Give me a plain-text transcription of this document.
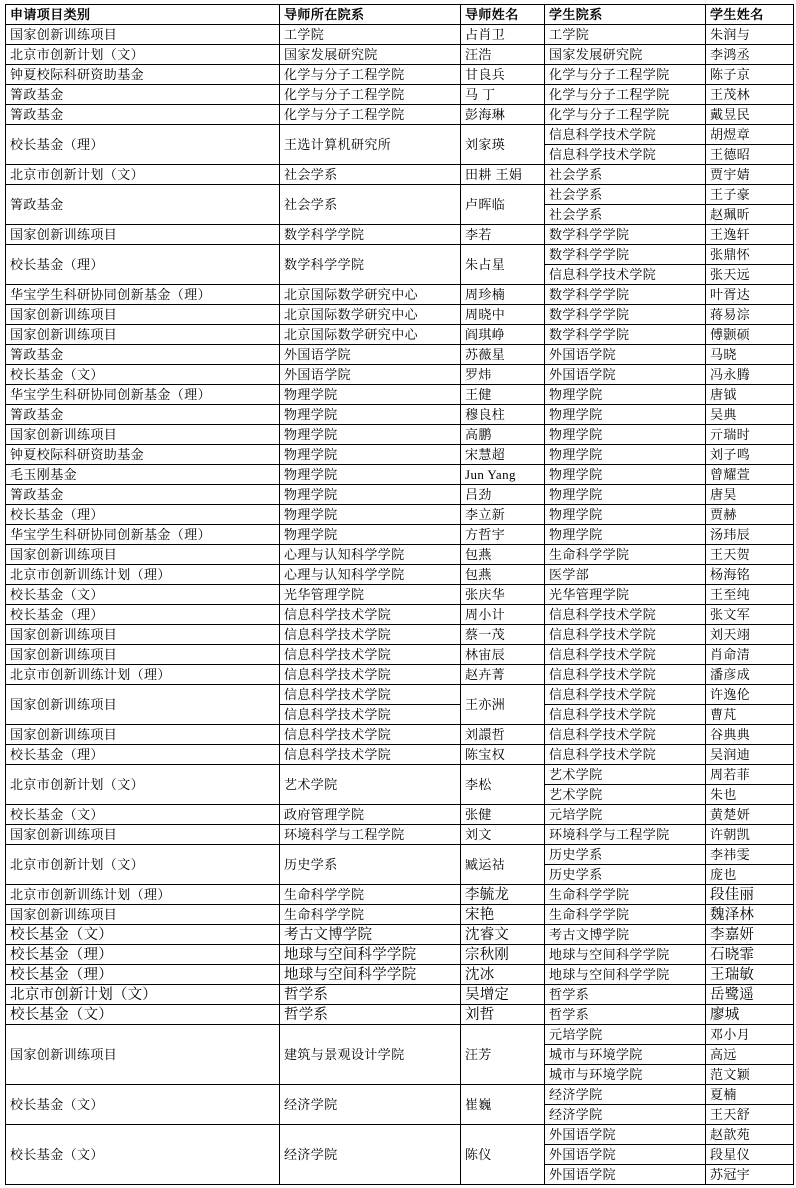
申请项目类别	导师所在院系	导师姓名	学生院系	学生姓名
国家创新训练项目	工学院	占肖卫	工学院	朱润与
北京市创新计划（文）	国家发展研究院	汪浩	国家发展研究院	李鸿丞
钟夏校际科研资助基金	化学与分子工程学院	甘良兵	化学与分子工程学院	陈子京
箐政基金	化学与分子工程学院	马 丁	化学与分子工程学院	王茂林
箐政基金	化学与分子工程学院	彭海琳	化学与分子工程学院	戴昱民
校长基金（理）	王选计算机研究所	刘家瑛	信息科学技术学院	胡煜章
			信息科学技术学院	王德昭
北京市创新计划（文）	社会学系	田耕 王娟	社会学系	贾宇婧
箐政基金	社会学系	卢晖临	社会学系	王子豪
			社会学系	赵珮昕
国家创新训练项目	数学科学学院	李若	数学科学学院	王逸轩
校长基金（理）	数学科学学院	朱占星	数学科学学院	张鼎怀
			信息科学技术学院	张天远
华宝学生科研协同创新基金（理）	北京国际数学研究中心	周珍楠	数学科学学院	叶胥达
国家创新训练项目	北京国际数学研究中心	周晓中	数学科学学院	蒋易淙
国家创新训练项目	北京国际数学研究中心	阎琪峥	数学科学学院	傅颢硕
箐政基金	外国语学院	苏薇星	外国语学院	马晓
校长基金（文）	外国语学院	罗炜	外国语学院	冯永腾
华宝学生科研协同创新基金（理）	物理学院	王健	物理学院	唐钺
箐政基金	物理学院	穆良柱	物理学院	吴典
国家创新训练项目	物理学院	高鹏	物理学院	亓瑞时
钟夏校际科研资助基金	物理学院	宋慧超	物理学院	刘子鸣
毛玉刚基金	物理学院	Jun Yang	物理学院	曾耀萱
箐政基金	物理学院	吕劲	物理学院	唐昊
校长基金（理）	物理学院	李立新	物理学院	贾赫
华宝学生科研协同创新基金（理）	物理学院	方哲宇	物理学院	汤玮辰
国家创新训练项目	心理与认知科学学院	包燕	生命科学学院	王天贺
北京市创新训练计划（理）	心理与认知科学学院	包燕	医学部	杨海铭
校长基金（文）	光华管理学院	张庆华	光华管理学院	王至纯
校长基金（理）	信息科学技术学院	周小计	信息科学技术学院	张文军
国家创新训练项目	信息科学技术学院	蔡一茂	信息科学技术学院	刘天翊
国家创新训练项目	信息科学技术学院	林宙辰	信息科学技术学院	肖命清
北京市创新训练计划（理）	信息科学技术学院	赵卉菁	信息科学技术学院	潘彦成
国家创新训练项目	信息科学技术学院	王亦洲	信息科学技术学院	许逸伦
	信息科学技术学院		信息科学技术学院	曹芃
国家创新训练项目	信息科学技术学院	刘譞哲	信息科学技术学院	谷典典
校长基金（理）	信息科学技术学院	陈宝权	信息科学技术学院	吴润迪
北京市创新计划（文）	艺术学院	李松	艺术学院	周若菲
			艺术学院	朱也
校长基金（文）	政府管理学院	张健	元培学院	黄楚妍
国家创新训练项目	环境科学与工程学院	刘文	环境科学与工程学院	许朝凯
北京市创新计划（文）	历史学系	臧运祜	历史学系	李祎雯
			历史学系	庞也
北京市创新训练计划（理）	生命科学学院	李毓龙	生命科学学院	段佳丽
国家创新训练项目	生命科学学院	宋艳	生命科学学院	魏泽林
校长基金（文）	考古文博学院	沈睿文	考古文博学院	李嘉妍
校长基金（理）	地球与空间科学学院	宗秋刚	地球与空间科学学院	石晓霏
校长基金（理）	地球与空间科学学院	沈冰	地球与空间科学学院	王瑞敏
北京市创新计划（文）	哲学系	吴增定	哲学系	岳鹭遥
校长基金（文）	哲学系	刘哲	哲学系	廖城
国家创新训练项目	建筑与景观设计学院	汪芳	元培学院	邓小月
			城市与环境学院	高远
			城市与环境学院	范文颖
校长基金（文）	经济学院	崔巍	经济学院	夏楠
			经济学院	王天舒
校长基金（文）	经济学院	陈仪	外国语学院	赵歆苑
			外国语学院	段星仪
			外国语学院	苏冠宇
